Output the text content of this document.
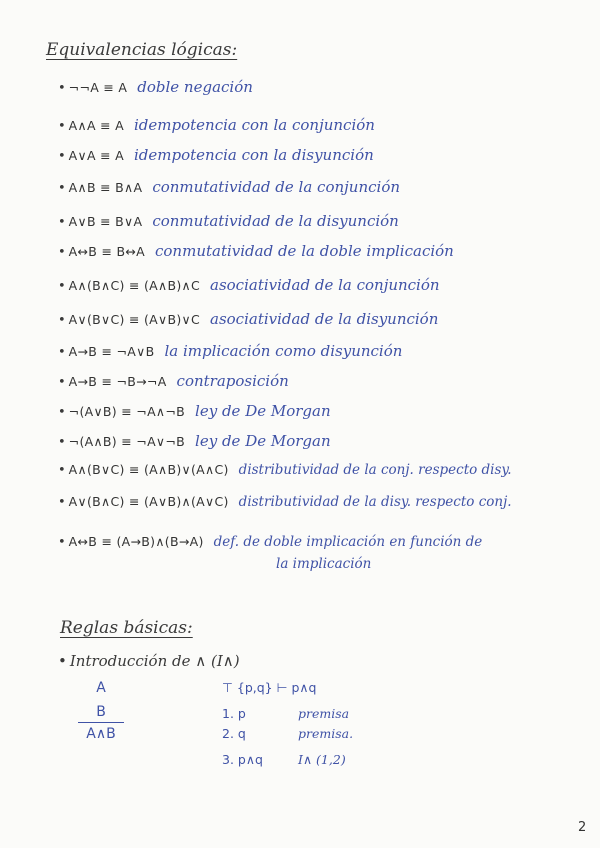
Equivalencias lógicas:
• ¬¬A ≡ A doble negación
• A∧A ≡ A idempotencia con la conjunción
• A∨A ≡ A idempotencia con la disyunción
• A∧B ≡ B∧A conmutatividad de la conjunción
• A∨B ≡ B∨A conmutatividad de la disyunción
• A↔B ≡ B↔A conmutatividad de la doble implicación
• A∧(B∧C) ≡ (A∧B)∧C asociatividad de la conjunción
• A∨(B∨C) ≡ (A∨B)∨C asociatividad de la disyunción
• A→B ≡ ¬A∨B la implicación como disyunción
• A→B ≡ ¬B→¬A contraposición
• ¬(A∨B) ≡ ¬A∧¬B ley de De Morgan
• ¬(A∧B) ≡ ¬A∨¬B ley de De Morgan
• A∧(B∨C) ≡ (A∧B)∨(A∧C) distributividad de la conj. respecto disy.
• A∨(B∧C) ≡ (A∨B)∧(A∨C) distributividad de la disy. respecto conj.
• A↔B ≡ (A→B)∧(B→A) def. de doble implicación en función de
la implicación
Reglas básicas:
• Introducción de ∧ (I∧)
A
B
A∧B
⊤ {p,q} ⊢ p∧q
1. p	premisa
2. q	premisa.
3. p∧q	I∧ (1,2)
2
